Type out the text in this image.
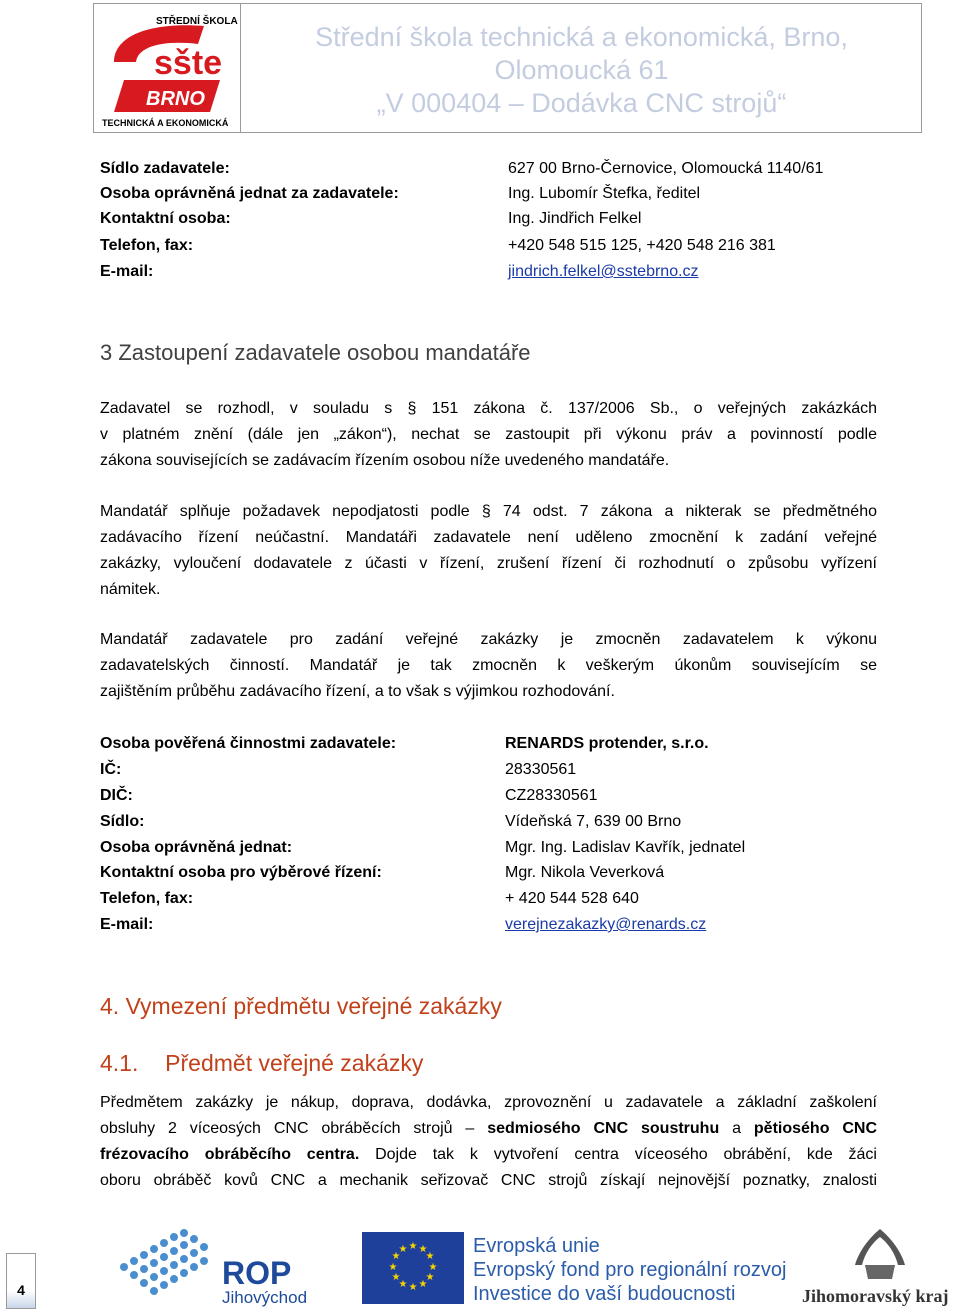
STŘEDNÍ ŠKOLA
sšte
BRNO
TECHNICKÁ A EKONOMICKÁ
Střední škola technická a ekonomická, Brno,
Olomoucká 61
„V 000404 – Dodávka CNC strojů“
Sídlo zadavatele:	627 00 Brno-Černovice, Olomoucká 1140/61
Osoba oprávněná jednat za zadavatele:	Ing. Lubomír Štefka, ředitel
Kontaktní osoba:	Ing. Jindřich Felkel
Telefon, fax:	+420 548 515 125, +420 548 216 381
E-mail:	jindrich.felkel@sstebrno.cz
3 Zastoupení zadavatele osobou mandatáře
Zadavatel se rozhodl, v souladu s § 151 zákona č. 137/2006 Sb., o veřejných zakázkách
v platném znění (dále jen „zákon“), nechat se zastoupit při výkonu práv a povinností podle
zákona souvisejících se zadávacím řízením osobou níže uvedeného mandatáře.
Mandatář splňuje požadavek nepodjatosti podle § 74 odst. 7 zákona a nikterak se předmětného
zadávacího řízení neúčastní. Mandatáři zadavatele není uděleno zmocnění k zadání veřejné
zakázky, vyloučení dodavatele z účasti v řízení, zrušení řízení či rozhodnutí o způsobu vyřízení
námitek.
Mandatář zadavatele pro zadání veřejné zakázky je zmocněn zadavatelem k výkonu
zadavatelských činností. Mandatář je tak zmocněn k veškerým úkonům souvisejícím se
zajištěním průběhu zadávacího řízení, a to však s výjimkou rozhodování.
Osoba pověřená činnostmi zadavatele:	RENARDS protender, s.r.o.
IČ:	28330561
DIČ:	CZ28330561
Sídlo:	Vídeňská 7, 639 00 Brno
Osoba oprávněná jednat:	Mgr. Ing. Ladislav Kavřík, jednatel
Kontaktní osoba pro výběrové řízení:	Mgr. Nikola Veverková
Telefon, fax:	+ 420 544 528 640
E-mail:	verejnezakazky@renards.cz
4. Vymezení předmětu veřejné zakázky
4.1. Předmět veřejné zakázky
Předmětem zakázky je nákup, doprava, dodávka, zprovoznění u zadavatele a základní zaškolení
obsluhy 2 víceosých CNC obráběcích strojů – sedmiosého CNC soustruhu a pětiosého CNC
frézovacího obráběcího centra. Dojde tak k vytvoření centra víceosého obrábění, kde žáci
oboru obráběč kovů CNC a mechanik seřizovač CNC strojů získají nejnovější poznatky, znalosti
4	ROP
Jihovýchod
★ ★
★
★
★
★
★
★
★
★
★
★	Evropská unie
Evropský fond pro regionální rozvoj
Investice do vaší budoucnosti	Jihomoravský kraj
